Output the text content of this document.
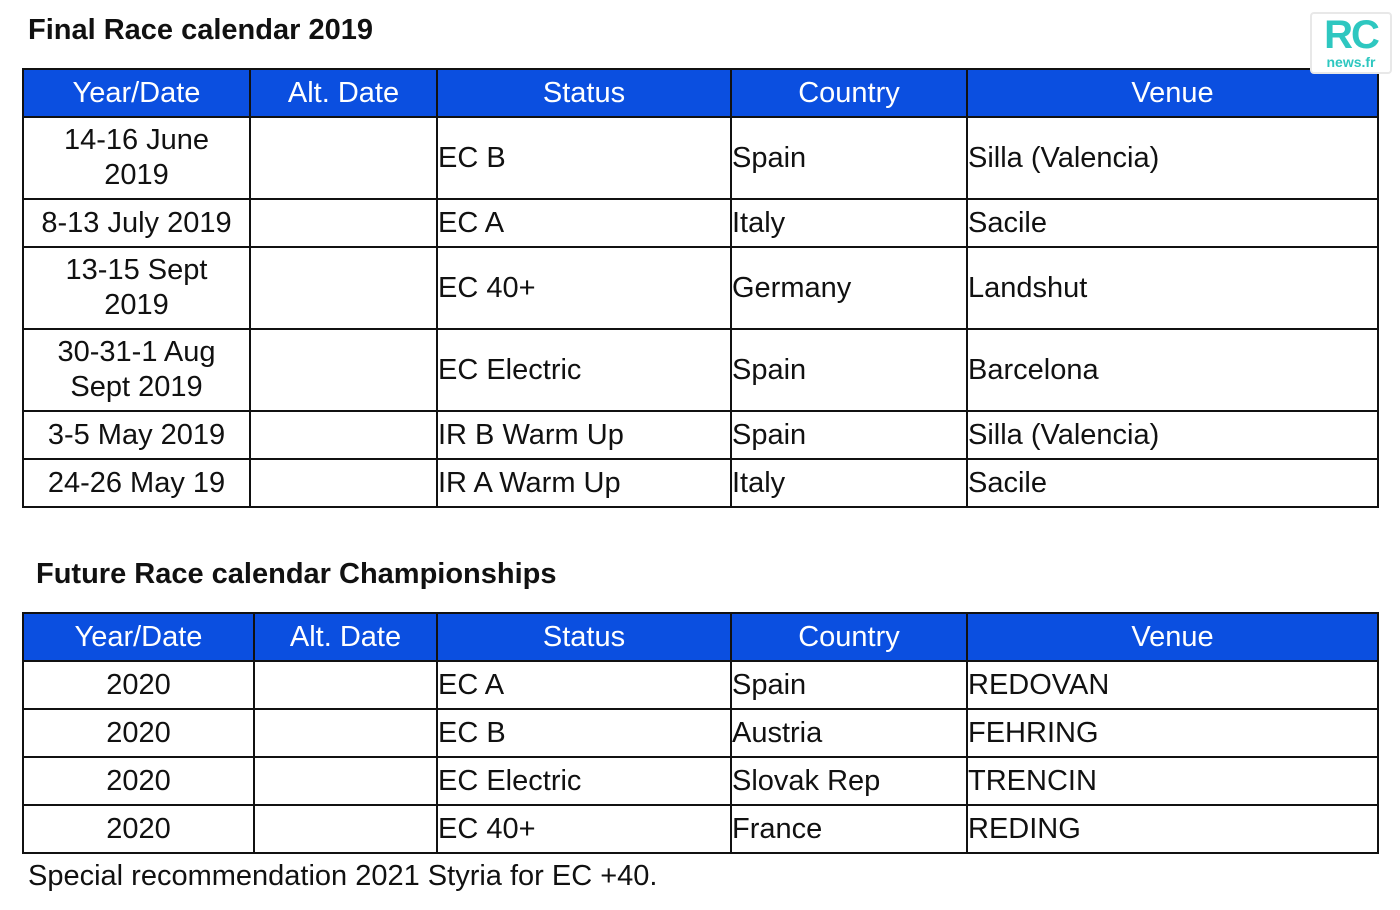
Final Race calendar 2019
Year/Date	Alt. Date	Status	Country	Venue
14-16 June 2019		EC B	Spain	Silla (Valencia)
8-13 July 2019		EC A	Italy	Sacile
13-15 Sept 2019		EC 40+	Germany	Landshut
30-31-1 Aug Sept 2019		EC Electric	Spain	Barcelona
3-5 May 2019		IR B Warm Up	Spain	Silla (Valencia)
24-26 May 19		IR A Warm Up	Italy	Sacile
Future Race calendar Championships
Year/Date	Alt. Date	Status	Country	Venue
2020		EC A	Spain	REDOVAN
2020		EC B	Austria	FEHRING
2020		EC Electric	Slovak Rep	TRENCIN
2020		EC 40+	France	REDING
Special recommendation 2021 Styria for EC +40.
RC
news.fr
